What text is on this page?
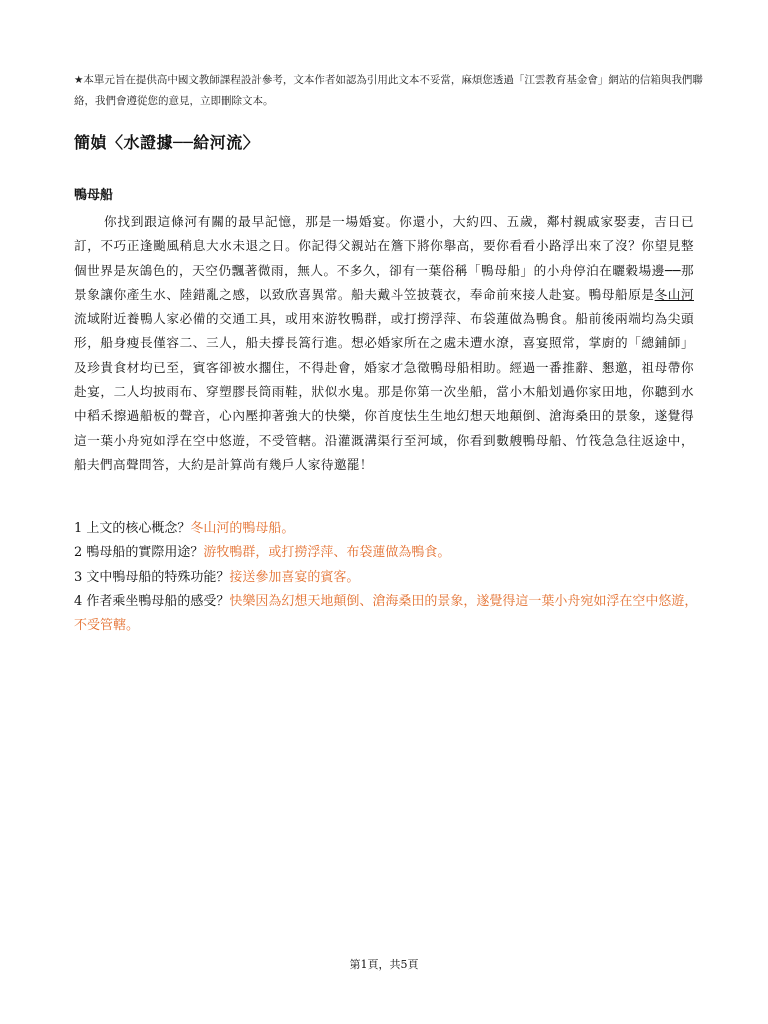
★本單元旨在提供高中國文教師課程設計參考，文本作者如認為引用此文本不妥當，麻煩您透過「江雲教育基金會」網站的信箱與我們聯絡，我們會遵從您的意見，立即刪除文本。
簡媜〈水證據──給河流〉
鴨母船
你找到跟這條河有關的最早記憶，那是一場婚宴。你還小，大約四、五歲，鄰村親戚家娶妻，吉日已訂，不巧正逢颱風稍息大水未退之日。你記得父親站在簷下將你舉高，要你看看小路浮出來了沒？你望見整個世界是灰鴿色的，天空仍飄著微雨，無人。不多久，卻有一葉俗稱「鴨母船」的小舟停泊在曬穀場邊──那景象讓你產生水、陸錯亂之感，以致欣喜異常。船夫戴斗笠披蓑衣，奉命前來接人赴宴。鴨母船原是冬山河流域附近養鴨人家必備的交通工具，或用來游牧鴨群，或打撈浮萍、布袋蓮做為鴨食。船前後兩端均為尖頭形，船身瘦長僅容二、三人，船夫撐長篙行進。想必婚家所在之處未遭水潦，喜宴照常，掌廚的「總鋪師」及珍貴食材均已至，賓客卻被水擱住，不得赴會，婚家才急徵鴨母船相助。經過一番推辭、懇邀，祖母帶你赴宴，二人均披雨布、穿塑膠長筒雨鞋，狀似水鬼。那是你第一次坐船，當小木船划過你家田地，你聽到水中稻禾擦過船板的聲音，心內壓抑著強大的快樂，你首度怯生生地幻想天地顛倒、滄海桑田的景象，遂覺得這一葉小舟宛如浮在空中悠遊，不受管轄。沿灌溉溝渠行至河域，你看到數艘鴨母船、竹筏急急往返途中，船夫們高聲問答，大約是計算尚有幾戶人家待邀罷！

1 上文的核心概念？冬山河的鴨母船。

2 鴨母船的實際用途？游牧鴨群，或打撈浮萍、布袋蓮做為鴨食。

3 文中鴨母船的特殊功能？接送參加喜宴的賓客。

4 作者乘坐鴨母船的感受？快樂因為幻想天地顛倒、滄海桑田的景象，遂覺得這一葉小舟宛如浮在空中悠遊，不受管轄。

第1頁，共5頁
